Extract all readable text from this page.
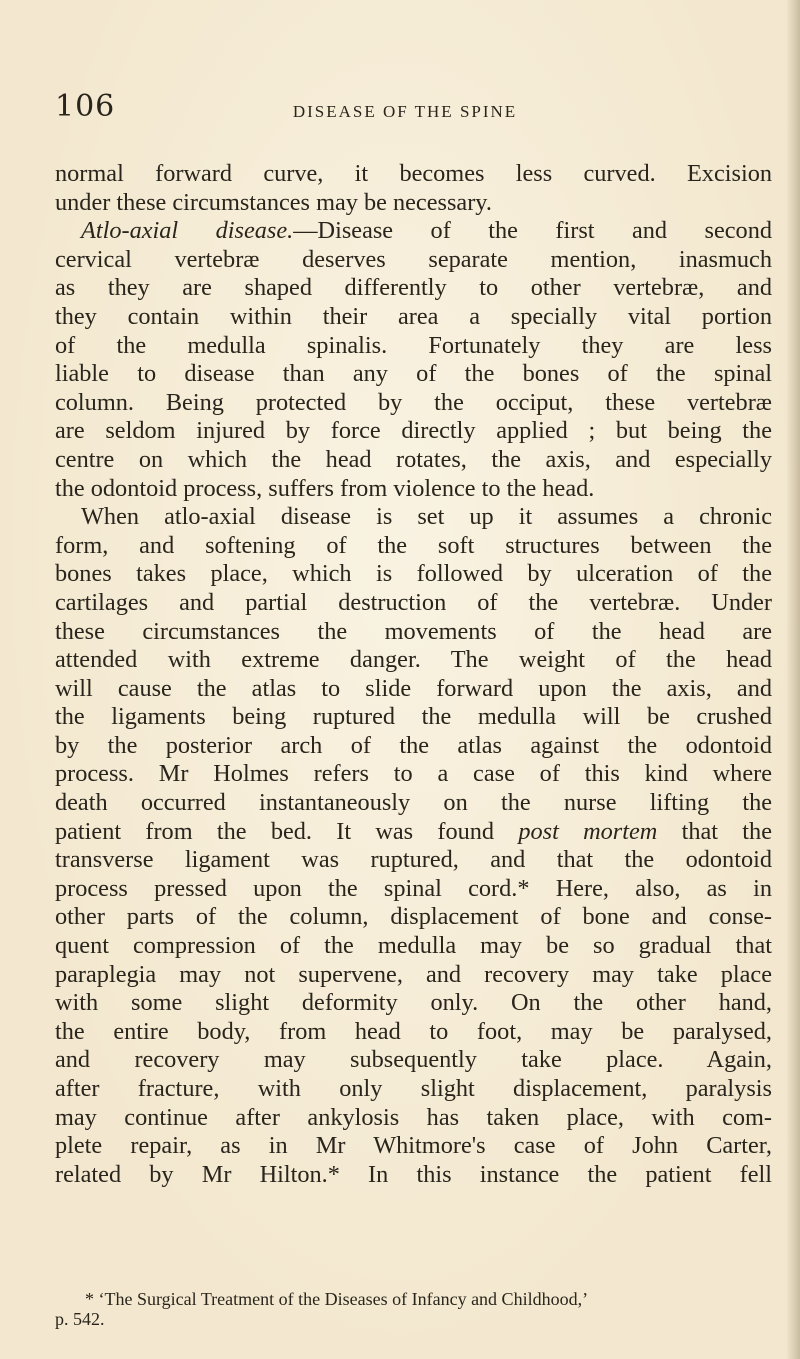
106	DISEASE OF THE SPINE
normal forward curve, it becomes less curved. Excision
under these circumstances may be necessary.
Atlo-axial disease.—Disease of the first and second
cervical vertebræ deserves separate mention, inasmuch
as they are shaped differently to other vertebræ, and
they contain within their area a specially vital portion
of the medulla spinalis. Fortunately they are less
liable to disease than any of the bones of the spinal
column. Being protected by the occiput, these vertebræ
are seldom injured by force directly applied ; but being the
centre on which the head rotates, the axis, and especially
the odontoid process, suffers from violence to the head.
When atlo-axial disease is set up it assumes a chronic
form, and softening of the soft structures between the
bones takes place, which is followed by ulceration of the
cartilages and partial destruction of the vertebræ. Under
these circumstances the movements of the head are
attended with extreme danger. The weight of the head
will cause the atlas to slide forward upon the axis, and
the ligaments being ruptured the medulla will be crushed
by the posterior arch of the atlas against the odontoid
process. Mr Holmes refers to a case of this kind where
death occurred instantaneously on the nurse lifting the
patient from the bed. It was found post mortem that the
transverse ligament was ruptured, and that the odontoid
process pressed upon the spinal cord.* Here, also, as in
other parts of the column, displacement of bone and conse-
quent compression of the medulla may be so gradual that
paraplegia may not supervene, and recovery may take place
with some slight deformity only. On the other hand,
the entire body, from head to foot, may be paralysed,
and recovery may subsequently take place. Again,
after fracture, with only slight displacement, paralysis
may continue after ankylosis has taken place, with com-
plete repair, as in Mr Whitmore's case of John Carter,
related by Mr Hilton.* In this instance the patient fell
* ‘The Surgical Treatment of the Diseases of Infancy and Childhood,’
p. 542.
